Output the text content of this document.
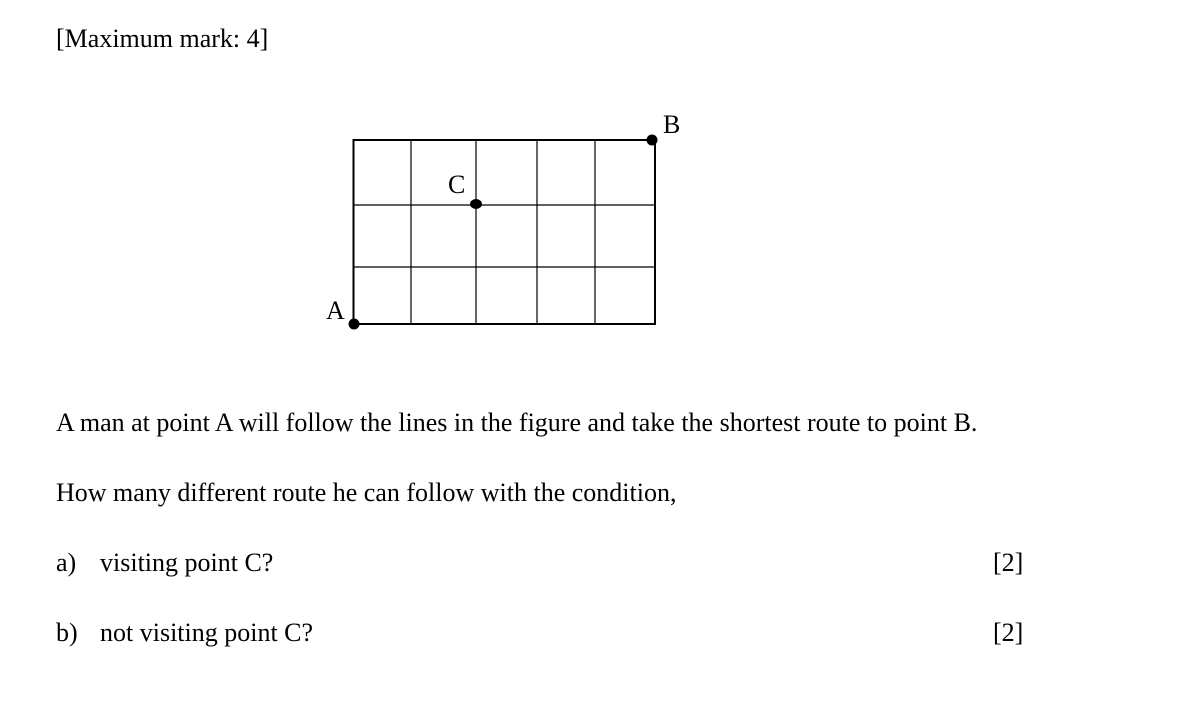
[Maximum mark: 4]
A
B
C
A man at point A will follow the lines in the figure and take the shortest route to point B.
How many different route he can follow with the condition,
a) visiting point C?	[2]
b) not visiting point C?	[2]
